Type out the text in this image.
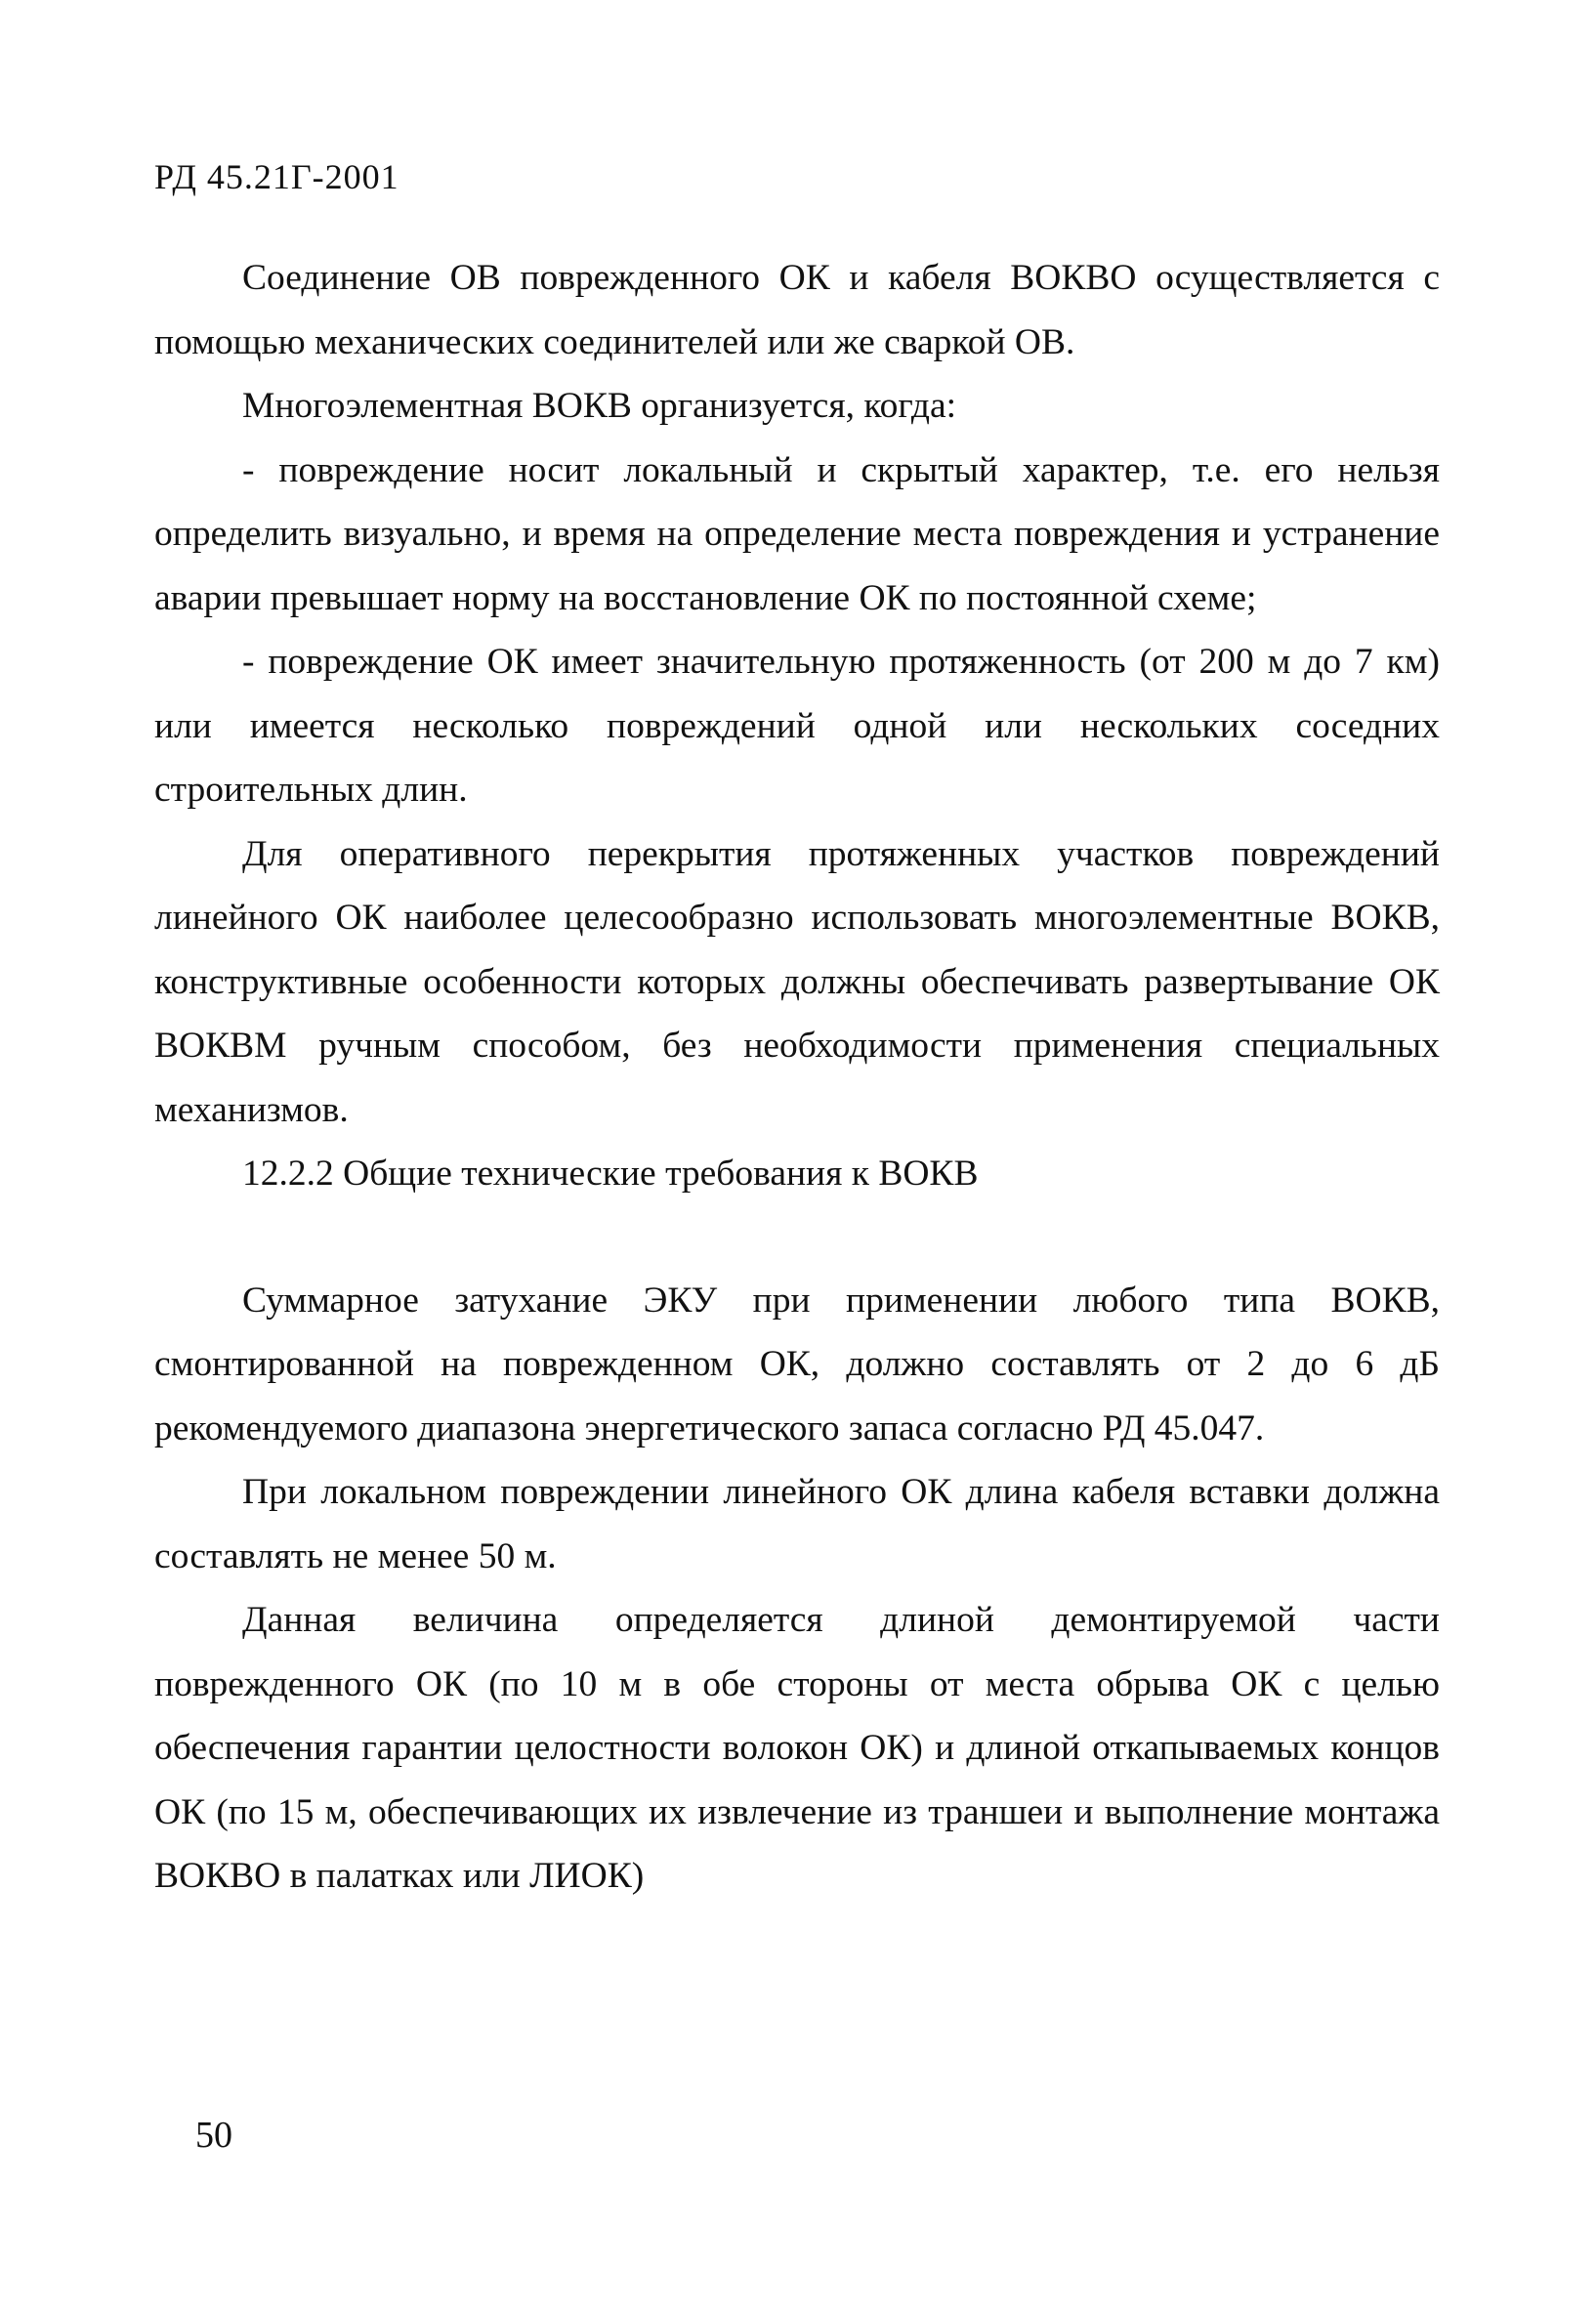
РД 45.21Г-2001

Соединение ОВ поврежденного ОК и кабеля ВОКВО осуществляется с помощью механических соединителей или же сваркой ОВ.

Многоэлементная ВОКВ организуется, когда:

- повреждение носит локальный и скрытый характер, т.е. его нельзя определить визуально, и время на определение места повреждения и устранение аварии превышает норму на восстановление ОК по постоянной схеме;

- повреждение ОК имеет значительную протяженность (от 200 м до 7 км) или имеется несколько повреждений одной или нескольких соседних строительных длин.

Для оперативного перекрытия протяженных участков повреждений линейного ОК наиболее целесообразно использовать многоэлементные ВОКВ, конструктивные особенности которых должны обеспечивать развертывание ОК ВОКВМ ручным способом, без необходимости применения специальных механизмов.

12.2.2 Общие технические требования к ВОКВ

Суммарное затухание ЭКУ при применении любого типа ВОКВ, смонтированной на поврежденном ОК, должно составлять от 2 до 6 дБ рекомендуемого диапазона энергетического запаса согласно РД 45.047.

При локальном повреждении линейного ОК длина кабеля вставки должна составлять не менее 50 м.

Данная величина определяется длиной демонтируемой части поврежденного ОК (по 10 м в обе стороны от места обрыва ОК с целью обеспечения гарантии целостности волокон ОК) и длиной откапываемых концов ОК (по 15 м, обеспечивающих их извлечение из траншеи и выполнение монтажа ВОКВО в палатках или ЛИОК)

50
